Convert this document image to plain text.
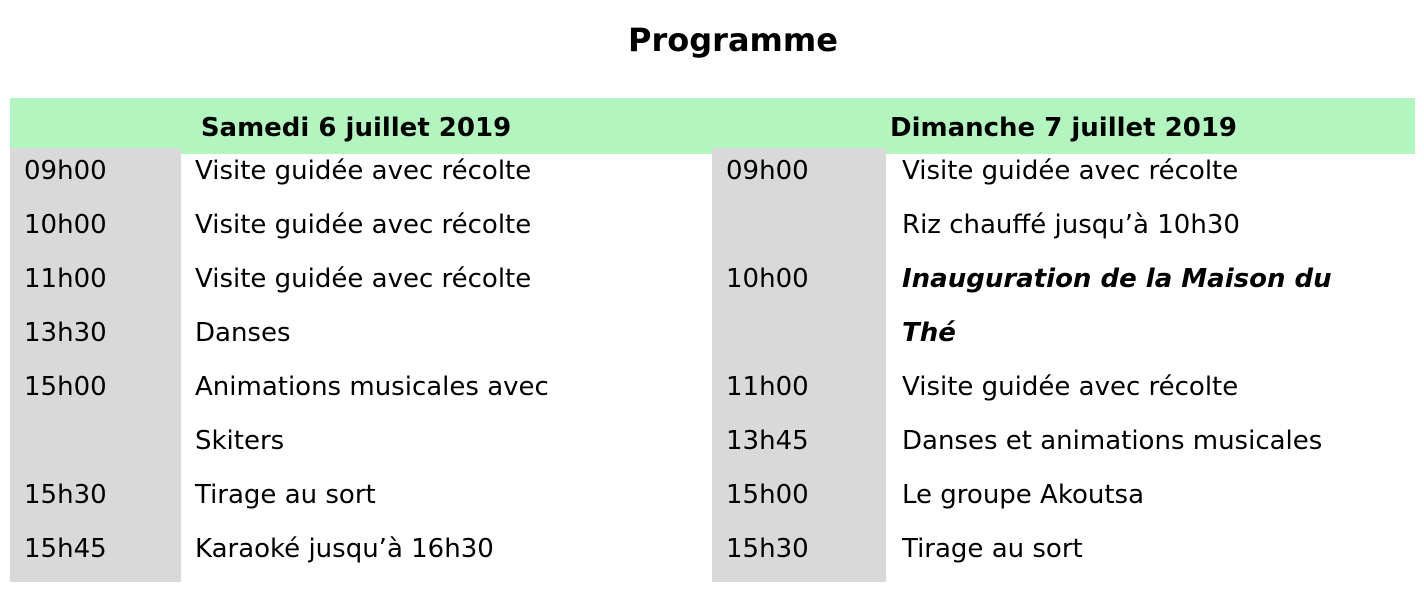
Programme
Samedi 6 juillet 2019	Dimanche 7 juillet 2019
09h00	Visite guidée avec récolte
10h00	Visite guidée avec récolte
11h00	Visite guidée avec récolte
13h30	Danses
15h00	Animations musicales avec
Skiters
15h30	Tirage au sort
15h45	Karaoké jusqu’à 16h30
09h00	Visite guidée avec récolte
Riz chauffé jusqu’à 10h30
10h00	Inauguration de la Maison du
Thé
11h00	Visite guidée avec récolte
13h45	Danses et animations musicales
15h00	Le groupe Akoutsa
15h30	Tirage au sort
